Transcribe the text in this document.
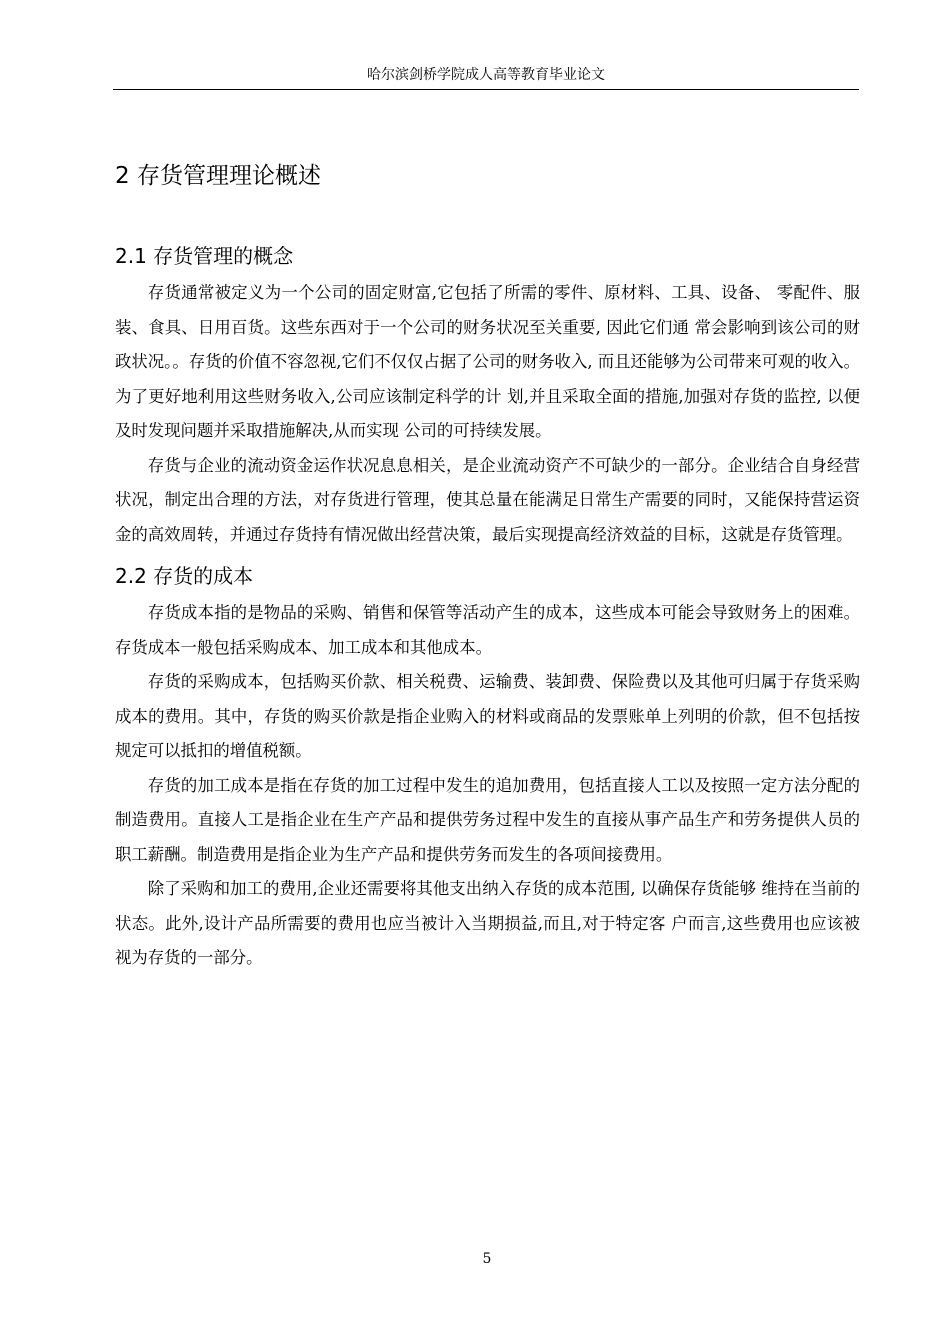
哈尔滨剑桥学院成人高等教育毕业论文
2 存货管理理论概述
2.1 存货管理的概念

存货通常被定义为一个公司的固定财富,它包括了所需的零件、原材料、工具、设备、 零配件、服装、食具、日用百货。这些东西对于一个公司的财务状况至关重要, 因此它们通 常会影响到该公司的财政状况。。存货的价值不容忽视,它们不仅仅占据了公司的财务收入, 而且还能够为公司带来可观的收入。为了更好地利用这些财务收入,公司应该制定科学的计 划,并且采取全面的措施,加强对存货的监控, 以便及时发现问题并采取措施解决,从而实现 公司的可持续发展。

存货与企业的流动资金运作状况息息相关，是企业流动资产不可缺少的一部分。企业结合自身经营状况，制定出合理的方法，对存货进行管理，使其总量在能满足日常生产需要的同时，又能保持营运资金的高效周转，并通过存货持有情况做出经营决策，最后实现提高经济效益的目标，这就是存货管理。

2.2 存货的成本

存货成本指的是物品的采购、销售和保管等活动产生的成本，这些成本可能会导致财务上的困难。存货成本一般包括采购成本、加工成本和其他成本。

存货的采购成本，包括购买价款、相关税费、运输费、装卸费、保险费以及其他可归属于存货采购成本的费用。其中，存货的购买价款是指企业购入的材料或商品的发票账单上列明的价款，但不包括按规定可以抵扣的增值税额。

存货的加工成本是指在存货的加工过程中发生的追加费用，包括直接人工以及按照一定方法分配的制造费用。直接人工是指企业在生产产品和提供劳务过程中发生的直接从事产品生产和劳务提供人员的职工薪酬。制造费用是指企业为生产产品和提供劳务而发生的各项间接费用。

除了采购和加工的费用,企业还需要将其他支出纳入存货的成本范围, 以确保存货能够 维持在当前的状态。此外,设计产品所需要的费用也应当被计入当期损益,而且,对于特定客 户而言,这些费用也应该被视为存货的一部分。

5
